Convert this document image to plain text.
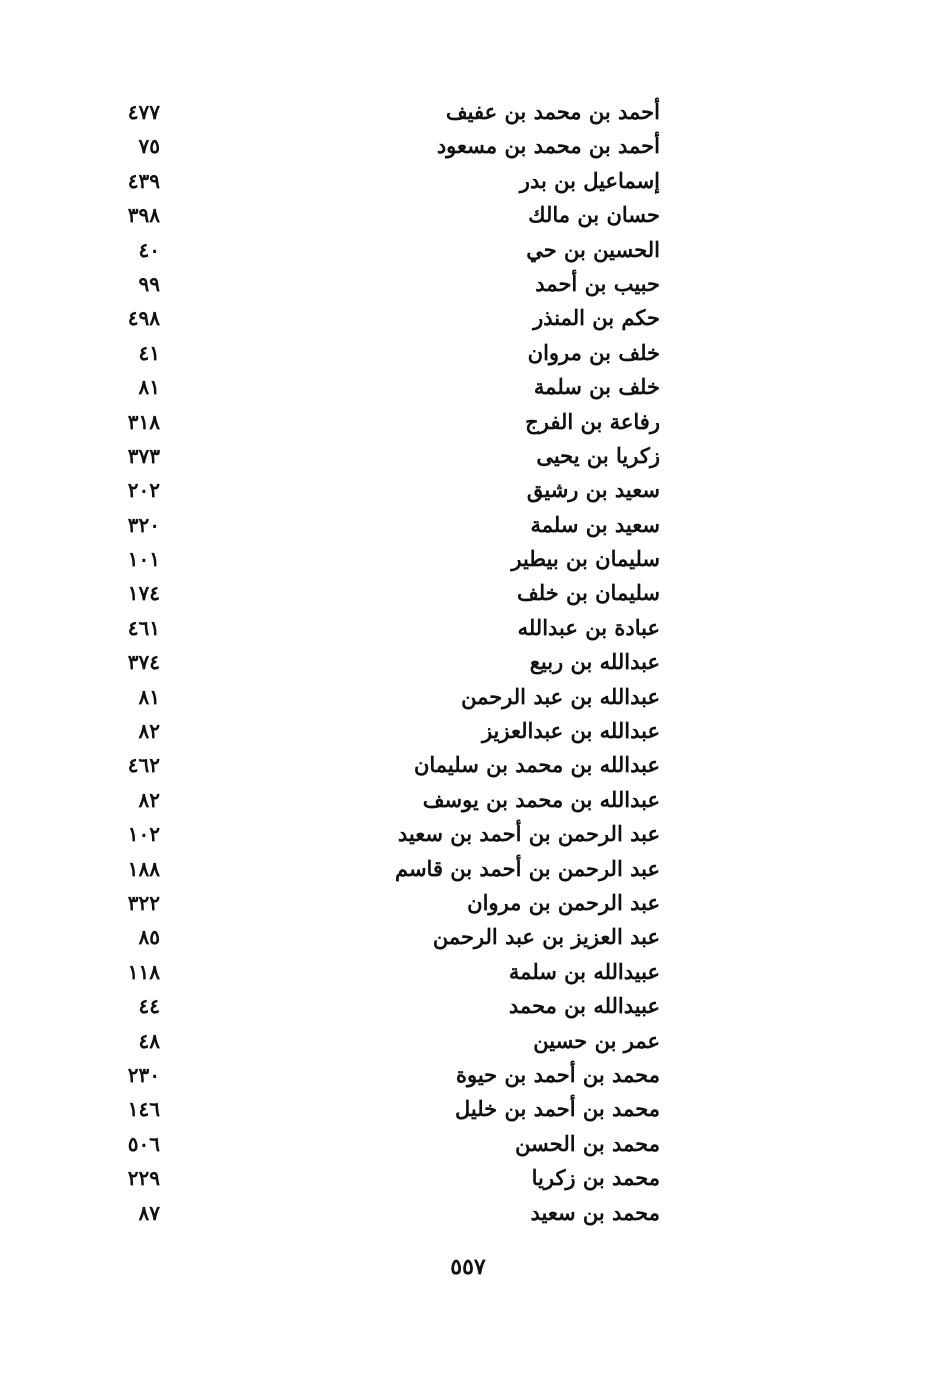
أحمد بن محمد بن عفيف
٤٧٧
أحمد بن محمد بن مسعود
٧٥
إسماعيل بن بدر
٤٣٩
حسان بن مالك
٣٩٨
الحسين بن حي
٤٠
حبيب بن أحمد
٩٩
حكم بن المنذر
٤٩٨
خلف بن مروان
٤١
خلف بن سلمة
٨١
رفاعة بن الفرج
٣١٨
زكريا بن يحيى
٣٧٣
سعيد بن رشيق
٢٠٢
سعيد بن سلمة
٣٢٠
سليمان بن بيطير
١٠١
سليمان بن خلف
١٧٤
عبادة بن عبدالله
٤٦١
عبدالله بن ربيع
٣٧٤
عبدالله بن عبد الرحمن
٨١
عبدالله بن عبدالعزيز
٨٢
عبدالله بن محمد بن سليمان
٤٦٢
عبدالله بن محمد بن يوسف
٨٢
عبد الرحمن بن أحمد بن سعيد
١٠٢
عبد الرحمن بن أحمد بن قاسم
١٨٨
عبد الرحمن بن مروان
٣٢٢
عبد العزيز بن عبد الرحمن
٨٥
عبيدالله بن سلمة
١١٨
عبيدالله بن محمد
٤٤
عمر بن حسين
٤٨
محمد بن أحمد بن حيوة
٢٣٠
محمد بن أحمد بن خليل
١٤٦
محمد بن الحسن
٥٠٦
محمد بن زكريا
٢٢٩
محمد بن سعيد
٨٧
٥٥٧
